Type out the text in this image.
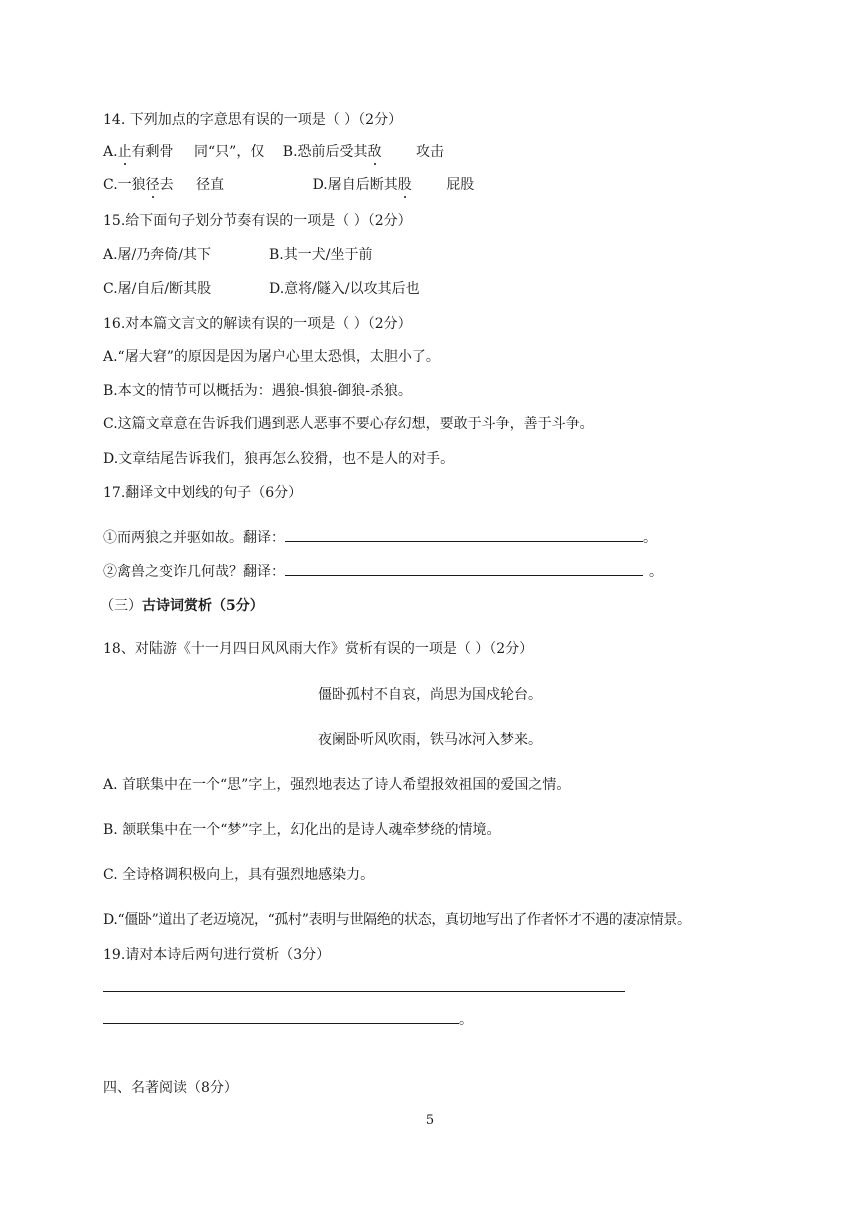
14. 下列加点的字意思有误的一项是（ ）（2分）
A.止有剩骨 同“只”，仅 B.恐前后受其敌 攻击
C.一狼径去 径直	D.屠自后断其股 屁股
15.给下面句子划分节奏有误的一项是（ ）（2分）
A.屠/乃奔倚/其下	B.其一犬/坐于前
C.屠/自后/断其股	D.意将/隧入/以攻其后也
16.对本篇文言文的解读有误的一项是（ ）（2分）
A.“屠大窘”的原因是因为屠户心里太恐惧，太胆小了。
B.本文的情节可以概括为：遇狼-惧狼-御狼-杀狼。
C.这篇文章意在告诉我们遇到恶人恶事不要心存幻想，要敢于斗争，善于斗争。
D.文章结尾告诉我们，狼再怎么狡猾，也不是人的对手。
17.翻译文中划线的句子（6分）
①而两狼之并驱如故。翻译：	。
②禽兽之变诈几何哉？翻译：	。
（三）古诗词赏析（5分）
18、对陆游《十一月四日风风雨大作》赏析有误的一项是（ ）（2分）
僵卧孤村不自哀，尚思为国戍轮台。
夜阑卧听风吹雨，铁马冰河入梦来。
A. 首联集中在一个“思”字上，强烈地表达了诗人希望报效祖国的爱国之情。
B. 颔联集中在一个“梦”字上，幻化出的是诗人魂牵梦绕的情境。
C. 全诗格调积极向上，具有强烈地感染力。
D.“僵卧”道出了老迈境况，“孤村”表明与世隔绝的状态，真切地写出了作者怀才不遇的凄凉情景。
19.请对本诗后两句进行赏析（3分）
。
四、名著阅读（8分）
5
